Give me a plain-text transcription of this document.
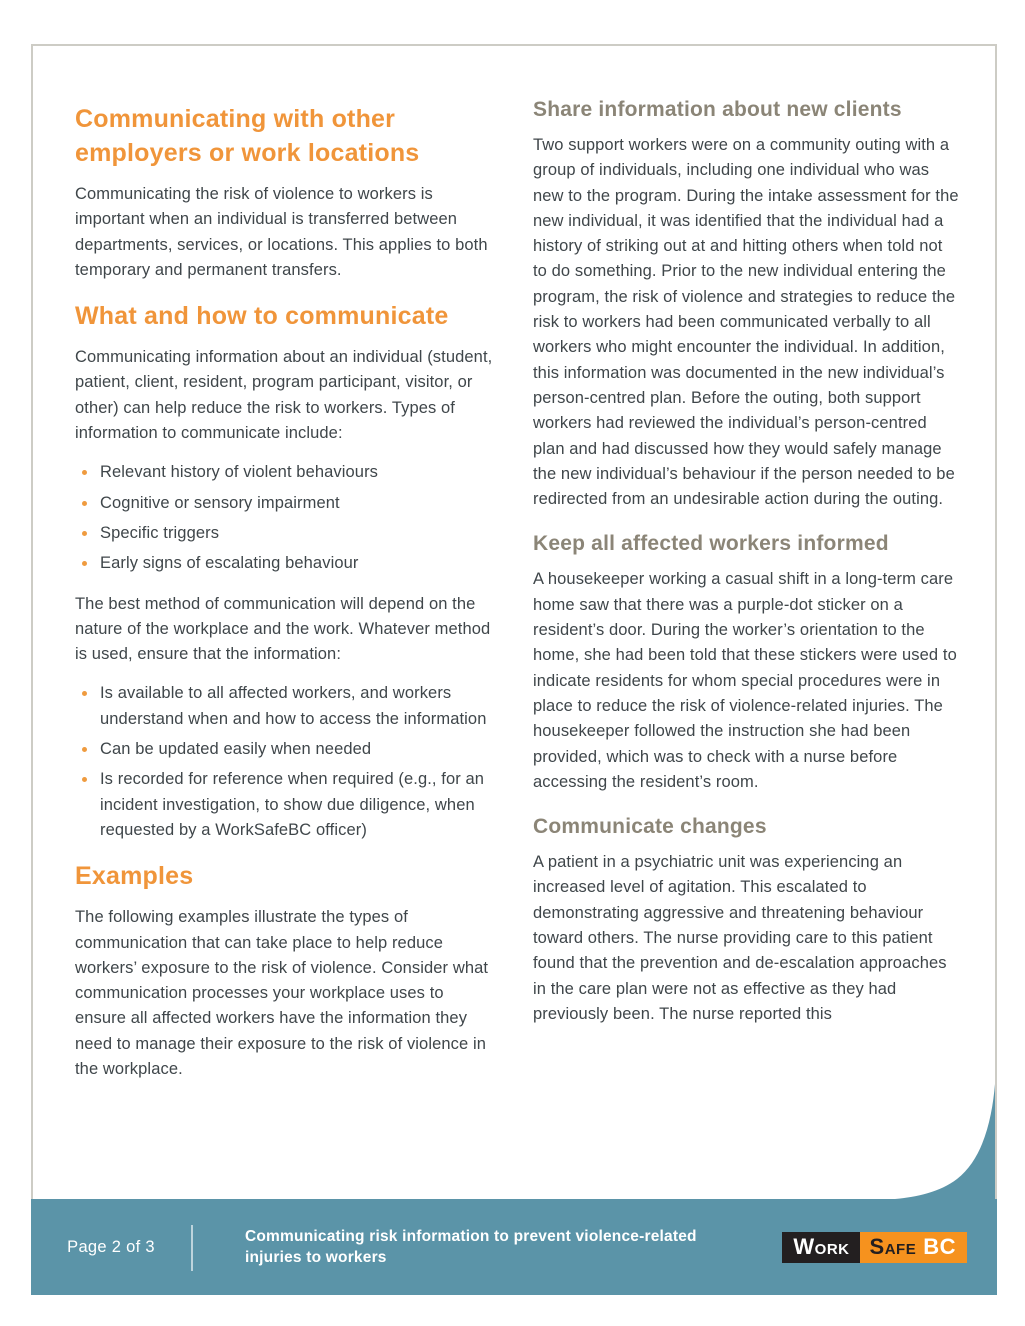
Communicating with other employers or work locations

Communicating the risk of violence to workers is important when an individual is transferred between departments, services, or locations. This applies to both temporary and permanent transfers.

What and how to communicate

Communicating information about an individual (student, patient, client, resident, program participant, visitor, or other) can help reduce the risk to workers. Types of information to communicate include:

Relevant history of violent behaviours
Cognitive or sensory impairment
Specific triggers
Early signs of escalating behaviour

The best method of communication will depend on the nature of the workplace and the work. Whatever method is used, ensure that the information:

Is available to all affected workers, and workers understand when and how to access the information
Can be updated easily when needed
Is recorded for reference when required (e.g., for an incident investigation, to show due diligence, when requested by a WorkSafeBC officer)
Examples

The following examples illustrate the types of communication that can take place to help reduce workers’ exposure to the risk of violence. Consider what communication processes your workplace uses to ensure all affected workers have the information they need to manage their exposure to the risk of violence in the workplace.

Share information about new clients

Two support workers were on a community outing with a group of individuals, including one individual who was new to the program. During the intake assessment for the new individual, it was identified that the individual had a history of striking out at and hitting others when told not to do something. Prior to the new individual entering the program, the risk of violence and strategies to reduce the risk to workers had been communicated verbally to all workers who might encounter the individual. In addition, this information was documented in the new individual’s person-centred plan. Before the outing, both support workers had reviewed the individual’s person-centred plan and had discussed how they would safely manage the new individual’s behaviour if the person needed to be redirected from an undesirable action during the outing.

Keep all affected workers informed

A housekeeper working a casual shift in a long-term care home saw that there was a purple-dot sticker on a resident’s door. During the worker’s orientation to the home, she had been told that these stickers were used to indicate residents for whom special procedures were in place to reduce the risk of violence-related injuries. The housekeeper followed the instruction she had been provided, which was to check with a nurse before accessing the resident’s room.

Communicate changes

A patient in a psychiatric unit was experiencing an increased level of agitation. This escalated to demonstrating aggressive and threatening behaviour toward others. The nurse providing care to this patient found that the prevention and de-escalation approaches in the care plan were not as effective as they had previously been. The nurse reported this

Page 2 of 3
Communicating risk information to prevent violence-related injuries to workers	Work Safe BC
